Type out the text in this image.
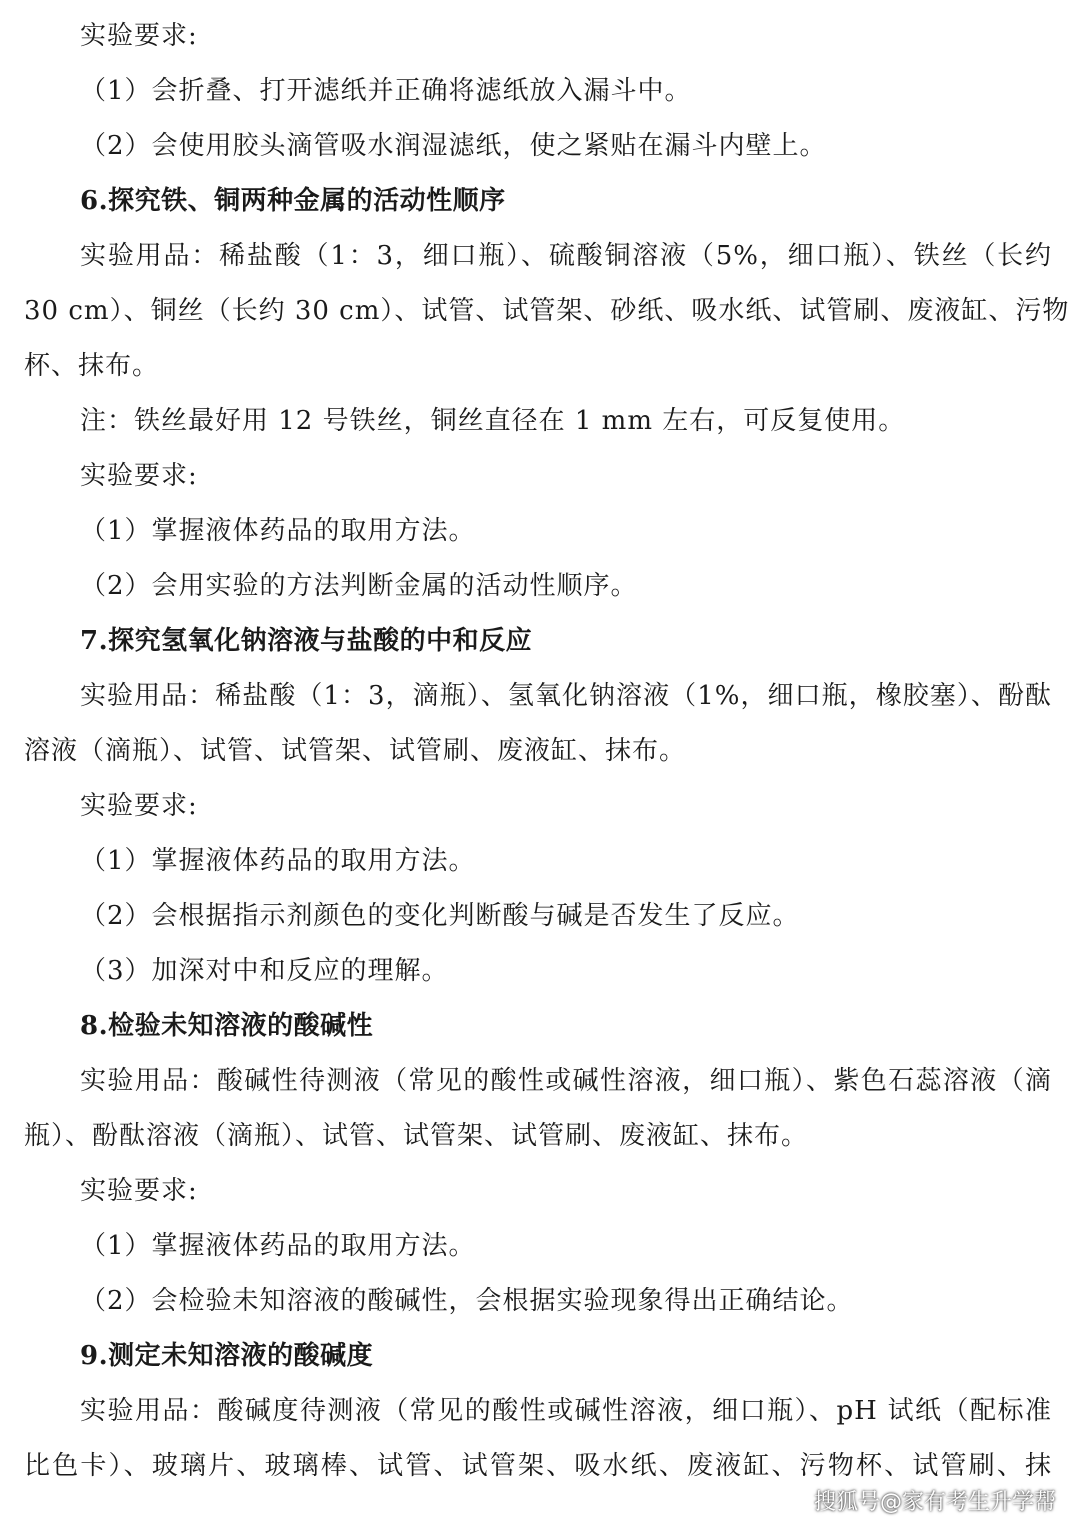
实验要求:
（1）会折叠、打开滤纸并正确将滤纸放入漏斗中。
（2）会使用胶头滴管吸水润湿滤纸，使之紧贴在漏斗内壁上。
6.探究铁、铜两种金属的活动性顺序
实验用品：稀盐酸（1：3，细口瓶）、硫酸铜溶液（5%，细口瓶）、铁丝（长约
30 cm）、铜丝（长约 30 cm）、试管、试管架、砂纸、吸水纸、试管刷、废液缸、污物
杯、抹布。
注：铁丝最好用 12 号铁丝，铜丝直径在 1 mm 左右，可反复使用。
实验要求:
（1）掌握液体药品的取用方法。
（2）会用实验的方法判断金属的活动性顺序。
7.探究氢氧化钠溶液与盐酸的中和反应
实验用品：稀盐酸（1：3，滴瓶）、氢氧化钠溶液（1%，细口瓶，橡胶塞）、酚酞
溶液（滴瓶）、试管、试管架、试管刷、废液缸、抹布。
实验要求:
（1）掌握液体药品的取用方法。
（2）会根据指示剂颜色的变化判断酸与碱是否发生了反应。
（3）加深对中和反应的理解。
8.检验未知溶液的酸碱性
实验用品：酸碱性待测液（常见的酸性或碱性溶液，细口瓶）、紫色石蕊溶液（滴
瓶）、酚酞溶液（滴瓶）、试管、试管架、试管刷、废液缸、抹布。
实验要求:
（1）掌握液体药品的取用方法。
（2）会检验未知溶液的酸碱性，会根据实验现象得出正确结论。
9.测定未知溶液的酸碱度
实验用品：酸碱度待测液（常见的酸性或碱性溶液，细口瓶）、pH 试纸（配标准
比色卡）、玻璃片、玻璃棒、试管、试管架、吸水纸、废液缸、污物杯、试管刷、抹
搜狐号@家有考生升学帮
